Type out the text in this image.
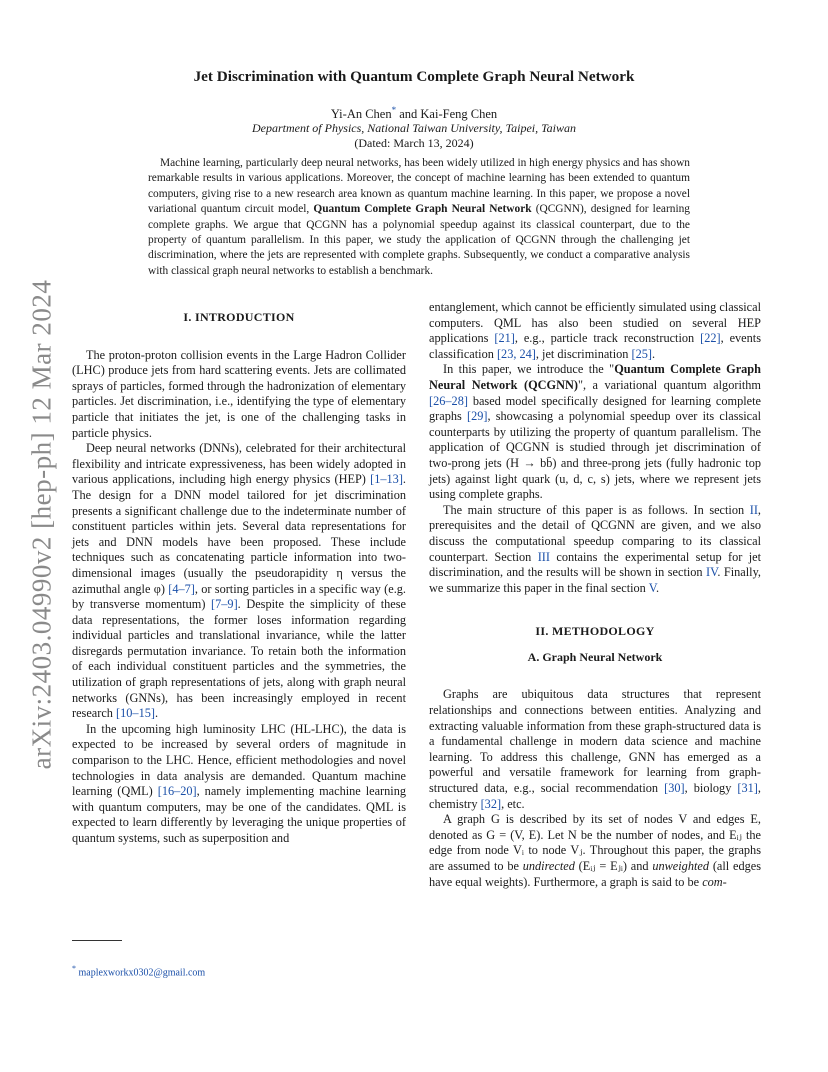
arXiv:2403.04990v2 [hep-ph] 12 Mar 2024
Jet Discrimination with Quantum Complete Graph Neural Network
Yi-An Chen* and Kai-Feng Chen
Department of Physics, National Taiwan University, Taipei, Taiwan
(Dated: March 13, 2024)
Machine learning, particularly deep neural networks, has been widely utilized in high energy physics and has shown remarkable results in various applications. Moreover, the concept of machine learning has been extended to quantum computers, giving rise to a new research area known as quantum machine learning. In this paper, we propose a novel variational quantum circuit model, Quantum Complete Graph Neural Network (QCGNN), designed for learning complete graphs. We argue that QCGNN has a polynomial speedup against its classical counterpart, due to the property of quantum parallelism. In this paper, we study the application of QCGNN through the challenging jet discrimination, where the jets are represented with complete graphs. Subsequently, we conduct a comparative analysis with classical graph neural networks to establish a benchmark.
I. INTRODUCTION

The proton-proton collision events in the Large Hadron Collider (LHC) produce jets from hard scattering events. Jets are collimated sprays of particles, formed through the hadronization of elementary particles. Jet discrimination, i.e., identifying the type of elementary particle that initiates the jet, is one of the challenging tasks in particle physics.

Deep neural networks (DNNs), celebrated for their architectural flexibility and intricate expressiveness, has been widely adopted in various applications, including high energy physics (HEP) [1–13]. The design for a DNN model tailored for jet discrimination presents a significant challenge due to the indeterminate number of constituent particles within jets. Several data representations for jets and DNN models have been proposed. These include techniques such as concatenating particle information into two-dimensional images (usually the pseudorapidity η versus the azimuthal angle φ) [4–7], or sorting particles in a specific way (e.g. by transverse momentum) [7–9]. Despite the simplicity of these data representations, the former loses information regarding individual particles and translational invariance, while the latter disregards permutation invariance. To retain both the information of each individual constituent particles and the symmetries, the utilization of graph representations of jets, along with graph neural networks (GNNs), has been increasingly employed in recent research [10–15].

In the upcoming high luminosity LHC (HL-LHC), the data is expected to be increased by several orders of magnitude in comparison to the LHC. Hence, efficient methodologies and novel technologies in data analysis are demanded. Quantum machine learning (QML) [16–20], namely implementing machine learning with quantum computers, may be one of the candidates. QML is expected to learn differently by leveraging the unique properties of quantum systems, such as superposition and

entanglement, which cannot be efficiently simulated using classical computers. QML has also been studied on several HEP applications [21], e.g., particle track reconstruction [22], events classification [23, 24], jet discrimination [25].

In this paper, we introduce the "Quantum Complete Graph Neural Network (QCGNN)", a variational quantum algorithm [26–28] based model specifically designed for learning complete graphs [29], showcasing a polynomial speedup over its classical counterparts by utilizing the property of quantum parallelism. The application of QCGNN is studied through jet discrimination of two-prong jets (H → bb̄) and three-prong jets (fully hadronic top jets) against light quark (u, d, c, s) jets, where we represent jets using complete graphs.

The main structure of this paper is as follows. In section II, prerequisites and the detail of QCGNN are given, and we also discuss the computational speedup comparing to its classical counterpart. Section III contains the experimental setup for jet discrimination, and the results will be shown in section IV. Finally, we summarize this paper in the final section V.

II. METHODOLOGY
A. Graph Neural Network

Graphs are ubiquitous data structures that represent relationships and connections between entities. Analyzing and extracting valuable information from these graph-structured data is a fundamental challenge in modern data science and machine learning. To address this challenge, GNN has emerged as a powerful and versatile framework for learning from graph-structured data, e.g., social recommendation [30], biology [31], chemistry [32], etc.

A graph G is described by its set of nodes V and edges E, denoted as G = (V, E). Let N be the number of nodes, and Eᵢⱼ the edge from node Vᵢ to node Vⱼ. Throughout this paper, the graphs are assumed to be undirected (Eᵢⱼ = Eⱼᵢ) and unweighted (all edges have equal weights). Furthermore, a graph is said to be com-

* maplexworkx0302@gmail.com
